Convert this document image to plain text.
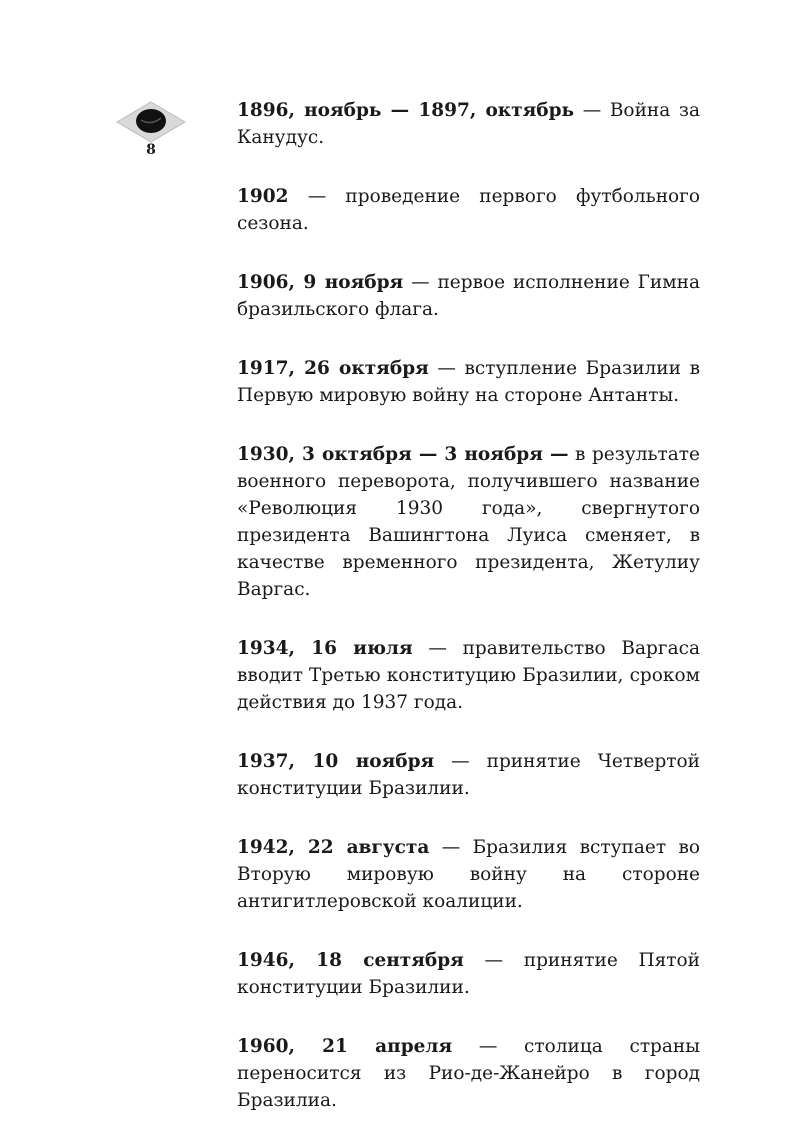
8

1896, ноябрь — 1897, октябрь — Война за Канудус.

1902 — проведение первого футбольного сезона.

1906, 9 ноября — первое исполнение Гимна бразильского флага.

1917, 26 октября — вступление Бразилии в Первую мировую войну на стороне Антанты.

1930, 3 октября — 3 ноября — в результате военного переворота, получившего название «Революция 1930 года», свергнутого президента Вашингтона Луиса сменяет, в качестве временного президента, Жетулиу Варгас.

1934, 16 июля — правительство Варгаса вводит Третью конституцию Бразилии, сроком действия до 1937 года.

1937, 10 ноября — принятие Четвертой конституции Бразилии.

1942, 22 августа — Бразилия вступает во Вторую мировую войну на стороне антигитлеровской коалиции.

1946, 18 сентября — принятие Пятой конституции Бразилии.

1960, 21 апреля — столица страны переносится из Рио-де-Жанейро в город Бразилиа.
